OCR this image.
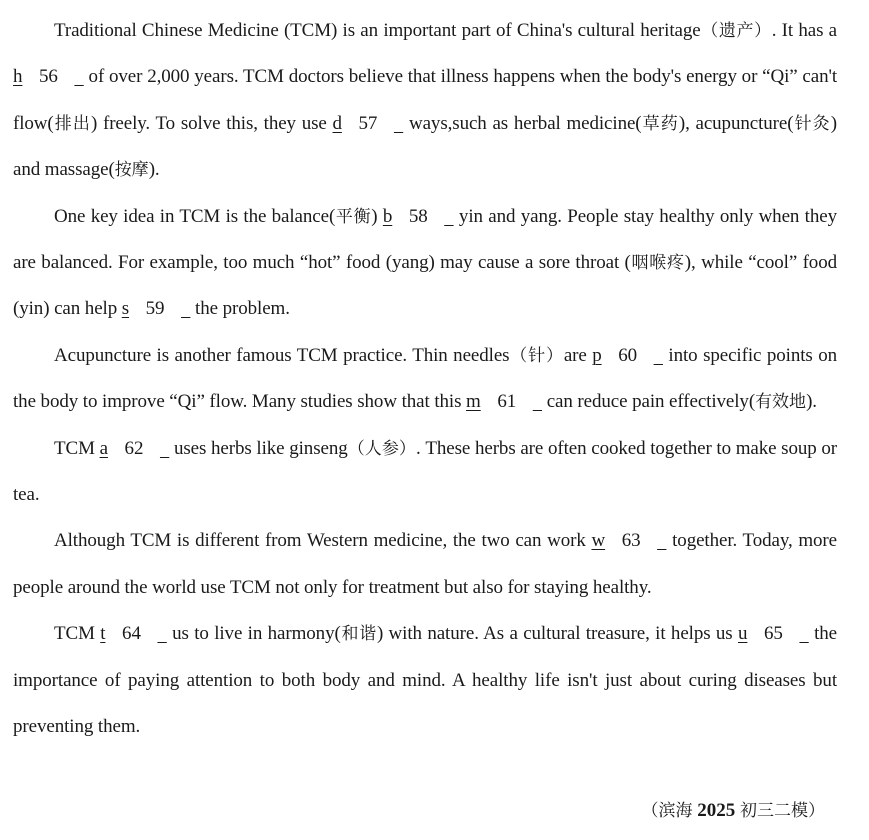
Traditional Chinese Medicine (TCM) is an important part of China's cultural heritage（遗产）. It has a h 56   of over 2,000 years. TCM doctors believe that illness happens when the body's energy or “Qi” can't flow(排出) freely. To solve this, they use d 57   ways,such as herbal medicine(草药), acupuncture(针灸) and massage(按摩).

One key idea in TCM is the balance(平衡) b 58   yin and yang. People stay healthy only when they are balanced. For example, too much “hot” food (yang) may cause a sore throat (咽喉疼), while “cool” food (yin) can help s 59   the problem.

Acupuncture is another famous TCM practice. Thin needles（针）are p 60   into specific points on the body to improve “Qi” flow. Many studies show that this m 61   can reduce pain effectively(有效地).

TCM a 62   uses herbs like ginseng（人参）. These herbs are often cooked together to make soup or tea.

Although TCM is different from Western medicine, the two can work w 63   together. Today, more people around the world use TCM not only for treatment but also for staying healthy.

TCM t 64   us to live in harmony(和谐) with nature. As a cultural treasure, it helps us u 65   the importance of paying attention to both body and mind. A healthy life isn't just about curing diseases but preventing them.

（滨海 2025 初三二模）
